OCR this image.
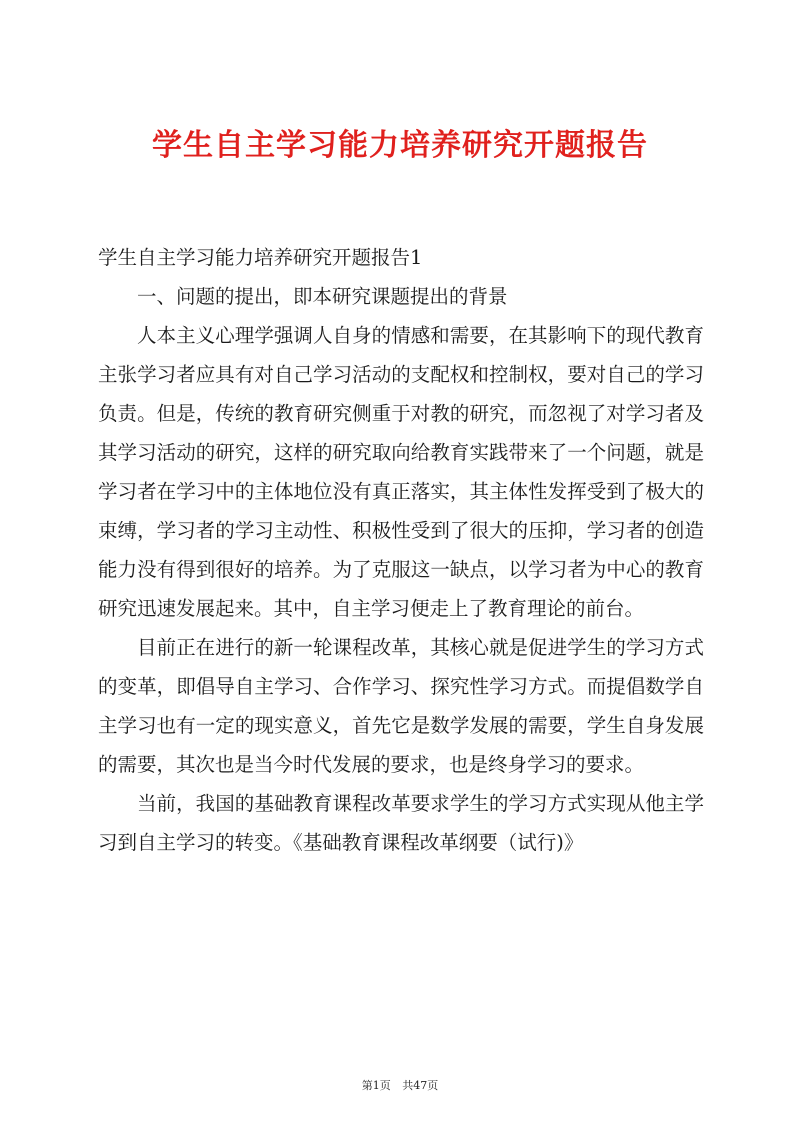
学生自主学习能力培养研究开题报告

学生自主学习能力培养研究开题报告1

一、问题的提出，即本研究课题提出的背景

人本主义心理学强调人自身的情感和需要，在其影响下的现代教育主张学习者应具有对自己学习活动的支配权和控制权，要对自己的学习负责。但是，传统的教育研究侧重于对教的研究，而忽视了对学习者及其学习活动的研究，这样的研究取向给教育实践带来了一个问题，就是学习者在学习中的主体地位没有真正落实，其主体性发挥受到了极大的束缚，学习者的学习主动性、积极性受到了很大的压抑，学习者的创造能力没有得到很好的培养。为了克服这一缺点，以学习者为中心的教育研究迅速发展起来。其中，自主学习便走上了教育理论的前台。

目前正在进行的新一轮课程改革，其核心就是促进学生的学习方式的变革，即倡导自主学习、合作学习、探究性学习方式。而提倡数学自主学习也有一定的现实意义，首先它是数学发展的需要，学生自身发展的需要，其次也是当今时代发展的要求，也是终身学习的要求。

当前，我国的基础教育课程改革要求学生的学习方式实现从他主学习到自主学习的转变。《基础教育课程改革纲要（试行)》

第1页 共47页
